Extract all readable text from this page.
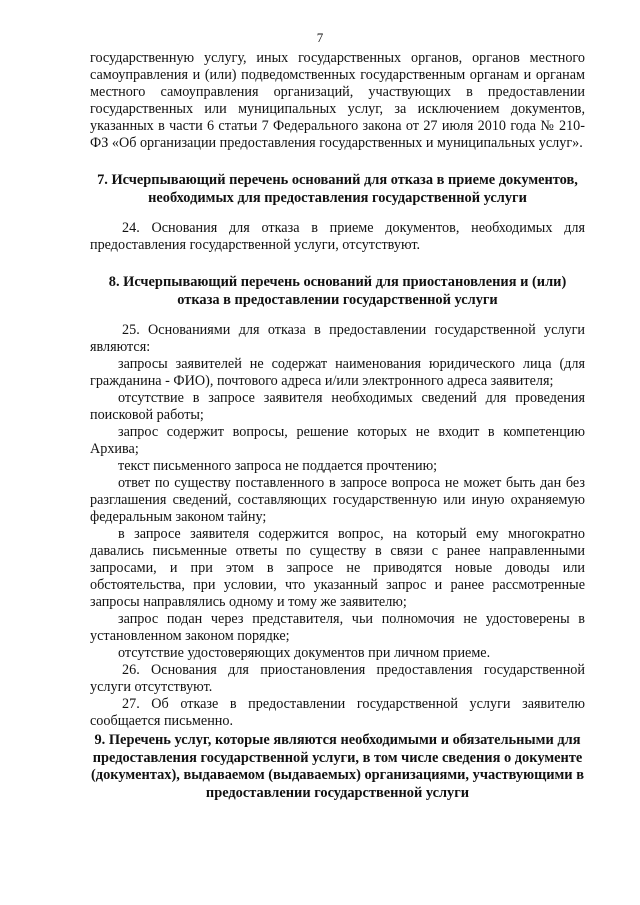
7

государственную услугу, иных государственных органов, органов местного самоуправления и (или) подведомственных государственным органам и органам местного самоуправления организаций, участвующих в предоставлении государственных или муниципальных услуг, за исключением документов, указанных в части 6 статьи 7 Федерального закона от 27 июля 2010 года № 210-ФЗ «Об организации предоставления государственных и муниципальных услуг».

7. Исчерпывающий перечень оснований для отказа в приеме документов, необходимых для предоставления государственной услуги

24. Основания для отказа в приеме документов, необходимых для предоставления государственной услуги, отсутствуют.

8. Исчерпывающий перечень оснований для приостановления и (или) отказа в предоставлении государственной услуги

25. Основаниями для отказа в предоставлении государственной услуги являются:

запросы заявителей не содержат наименования юридического лица (для гражданина - ФИО), почтового адреса и/или электронного адреса заявителя;

отсутствие в запросе заявителя необходимых сведений для проведения поисковой работы;

запрос содержит вопросы, решение которых не входит в компетенцию Архива;

текст письменного запроса не поддается прочтению;

ответ по существу поставленного в запросе вопроса не может быть дан без разглашения сведений, составляющих государственную или иную охраняемую федеральным законом тайну;

в запросе заявителя содержится вопрос, на который ему многократно давались письменные ответы по существу в связи с ранее направленными запросами, и при этом в запросе не приводятся новые доводы или обстоятельства, при условии, что указанный запрос и ранее рассмотренные запросы направлялись одному и тому же заявителю;

запрос подан через представителя, чьи полномочия не удостоверены в установленном законом порядке;

отсутствие удостоверяющих документов при личном приеме.

26. Основания для приостановления предоставления государственной услуги отсутствуют.

27. Об отказе в предоставлении государственной услуги заявителю сообщается письменно.

9. Перечень услуг, которые являются необходимыми и обязательными для предоставления государственной услуги, в том числе сведения о документе (документах), выдаваемом (выдаваемых) организациями, участвующими в предоставлении государственной услуги
